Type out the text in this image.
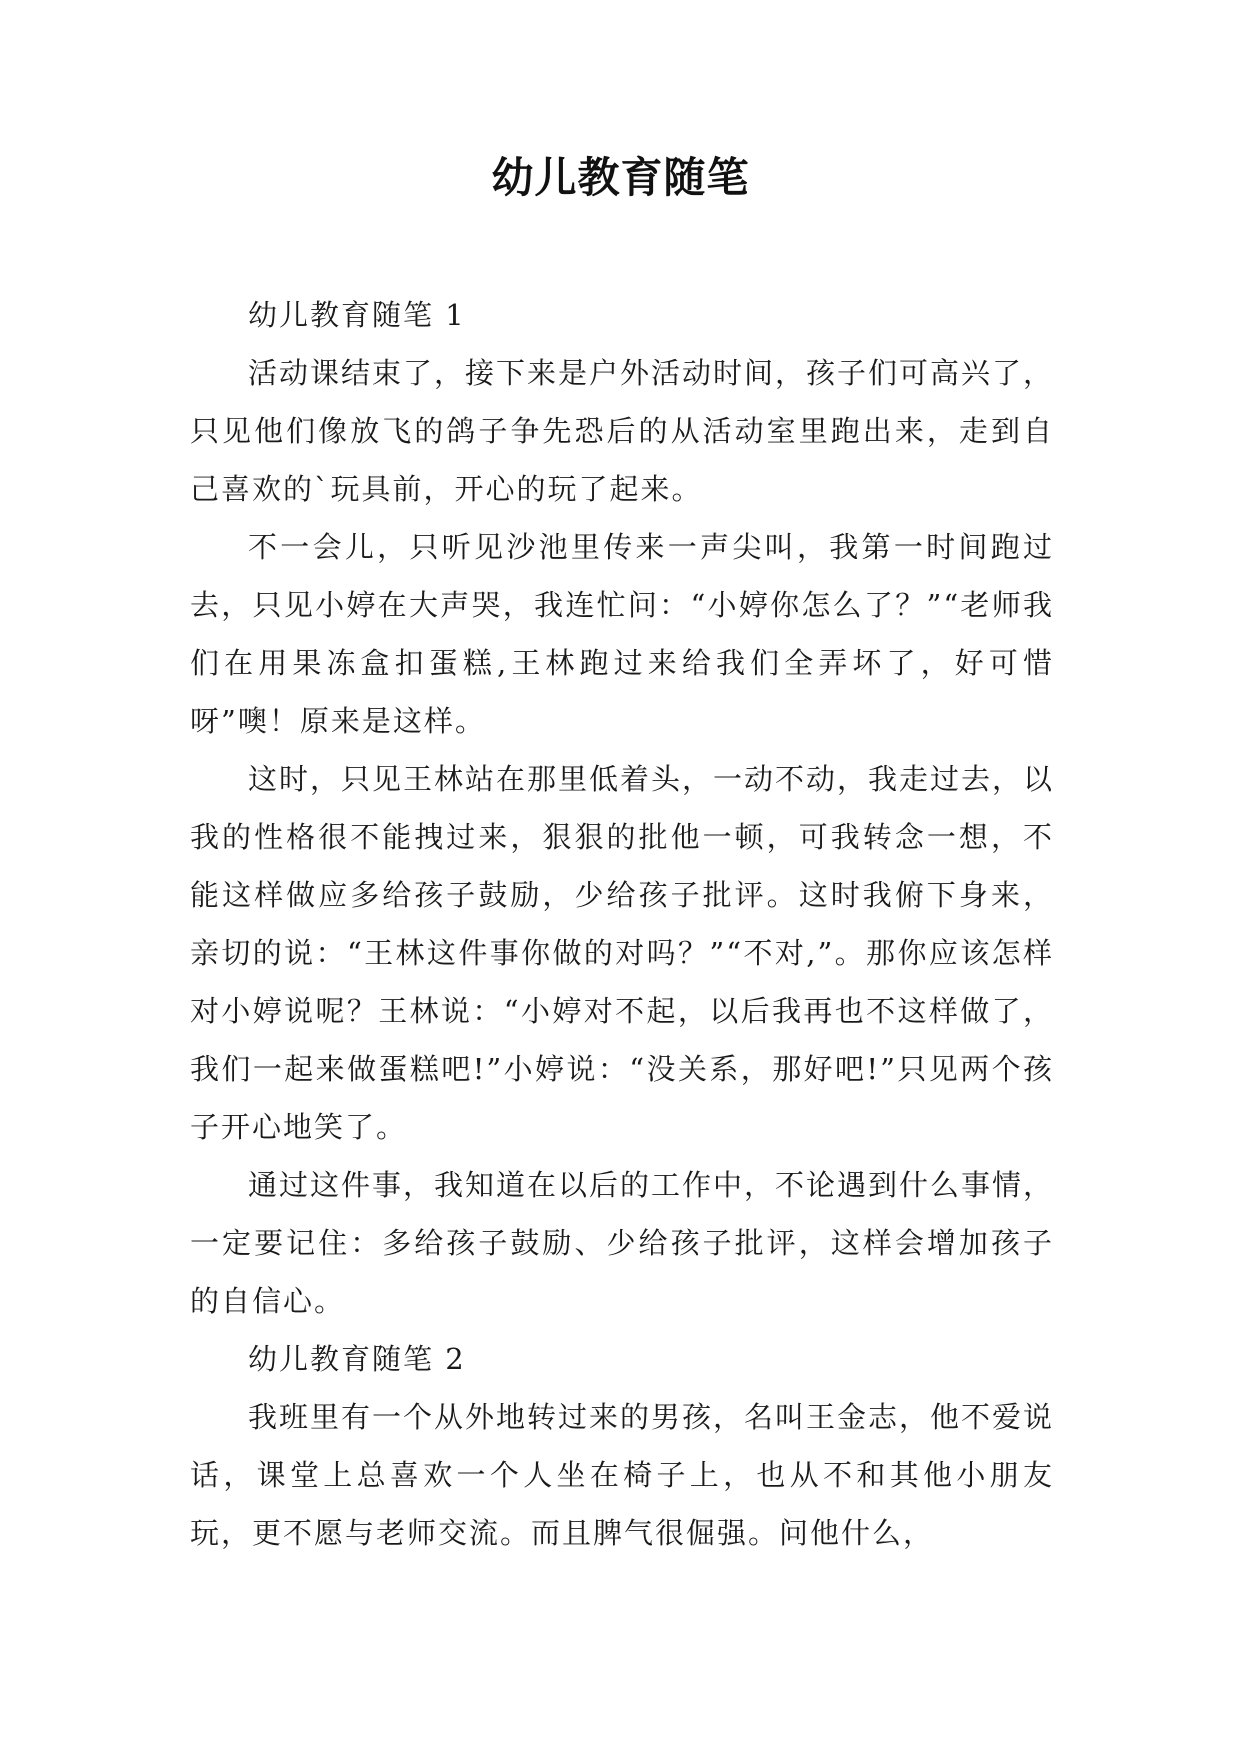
幼儿教育随笔

幼儿教育随笔 1

活动课结束了，接下来是户外活动时间，孩子们可高兴了，只见他们像放飞的鸽子争先恐后的从活动室里跑出来，走到自己喜欢的`玩具前，开心的玩了起来。

不一会儿，只听见沙池里传来一声尖叫，我第一时间跑过去，只见小婷在大声哭，我连忙问：“小婷你怎么了？”“老师我们在用果冻盒扣蛋糕,王林跑过来给我们全弄坏了，好可惜呀”噢！原来是这样。

这时，只见王林站在那里低着头，一动不动，我走过去，以我的性格很不能拽过来，狠狠的批他一顿，可我转念一想，不能这样做应多给孩子鼓励，少给孩子批评。这时我俯下身来，亲切的说：“王林这件事你做的对吗？”“不对,”。那你应该怎样对小婷说呢？王林说：“小婷对不起，以后我再也不这样做了，我们一起来做蛋糕吧!”小婷说：“没关系，那好吧!”只见两个孩子开心地笑了。

通过这件事，我知道在以后的工作中，不论遇到什么事情，一定要记住：多给孩子鼓励、少给孩子批评，这样会增加孩子的自信心。

幼儿教育随笔 2

我班里有一个从外地转过来的男孩，名叫王金志，他不爱说话，课堂上总喜欢一个人坐在椅子上，也从不和其他小朋友玩，更不愿与老师交流。而且脾气很倔强。问他什么，
